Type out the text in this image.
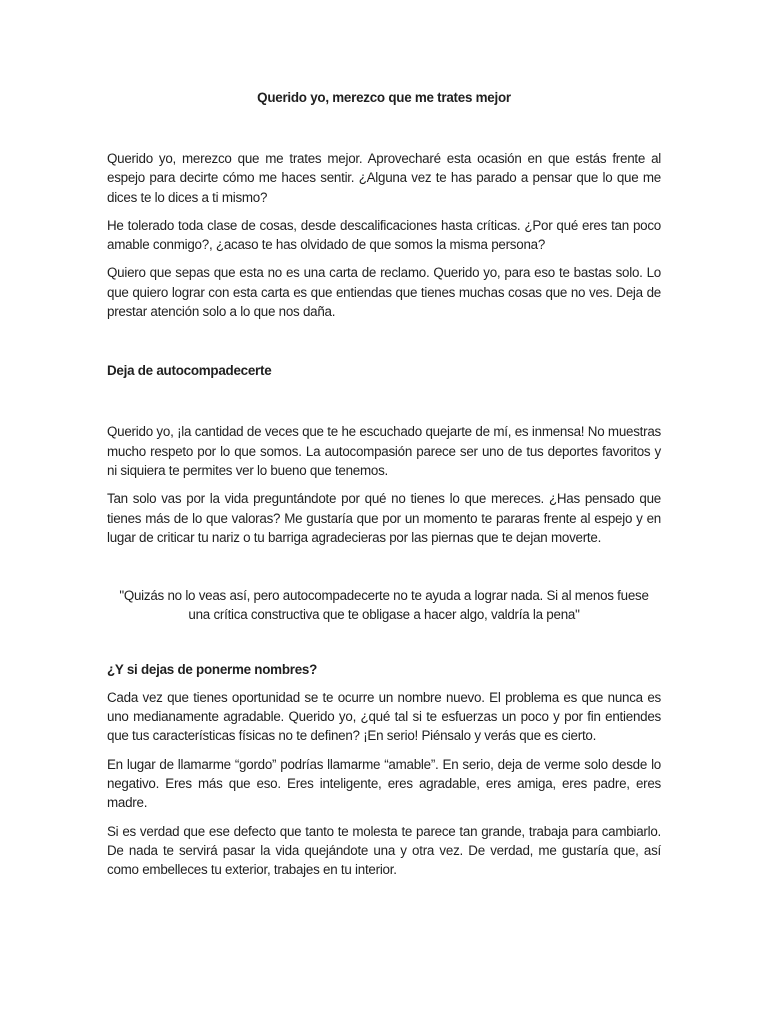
Querido yo, merezco que me trates mejor

Querido yo, merezco que me trates mejor. Aprovecharé esta ocasión en que estás frente al espejo para decirte cómo me haces sentir. ¿Alguna vez te has parado a pensar que lo que me dices te lo dices a ti mismo?

He tolerado toda clase de cosas, desde descalificaciones hasta críticas. ¿Por qué eres tan poco amable conmigo?, ¿acaso te has olvidado de que somos la misma persona?

Quiero que sepas que esta no es una carta de reclamo. Querido yo, para eso te bastas solo. Lo que quiero lograr con esta carta es que entiendas que tienes muchas cosas que no ves. Deja de prestar atención solo a lo que nos daña.

Deja de autocompadecerte

Querido yo, ¡la cantidad de veces que te he escuchado quejarte de mí, es inmensa! No muestras mucho respeto por lo que somos. La autocompasión parece ser uno de tus deportes favoritos y ni siquiera te permites ver lo bueno que tenemos.

Tan solo vas por la vida preguntándote por qué no tienes lo que mereces. ¿Has pensado que tienes más de lo que valoras? Me gustaría que por un momento te pararas frente al espejo y en lugar de criticar tu nariz o tu barriga agradecieras por las piernas que te dejan moverte.

"Quizás no lo veas así, pero autocompadecerte no te ayuda a lograr nada. Si al menos fuese una crítica constructiva que te obligase a hacer algo, valdría la pena"
¿Y si dejas de ponerme nombres?

Cada vez que tienes oportunidad se te ocurre un nombre nuevo. El problema es que nunca es uno medianamente agradable. Querido yo, ¿qué tal si te esfuerzas un poco y por fin entiendes que tus características físicas no te definen? ¡En serio! Piénsalo y verás que es cierto.

En lugar de llamarme “gordo” podrías llamarme “amable”. En serio, deja de verme solo desde lo negativo. Eres más que eso. Eres inteligente, eres agradable, eres amiga, eres padre, eres madre.

Si es verdad que ese defecto que tanto te molesta te parece tan grande, trabaja para cambiarlo. De nada te servirá pasar la vida quejándote una y otra vez. De verdad, me gustaría que, así como embelleces tu exterior, trabajes en tu interior.
